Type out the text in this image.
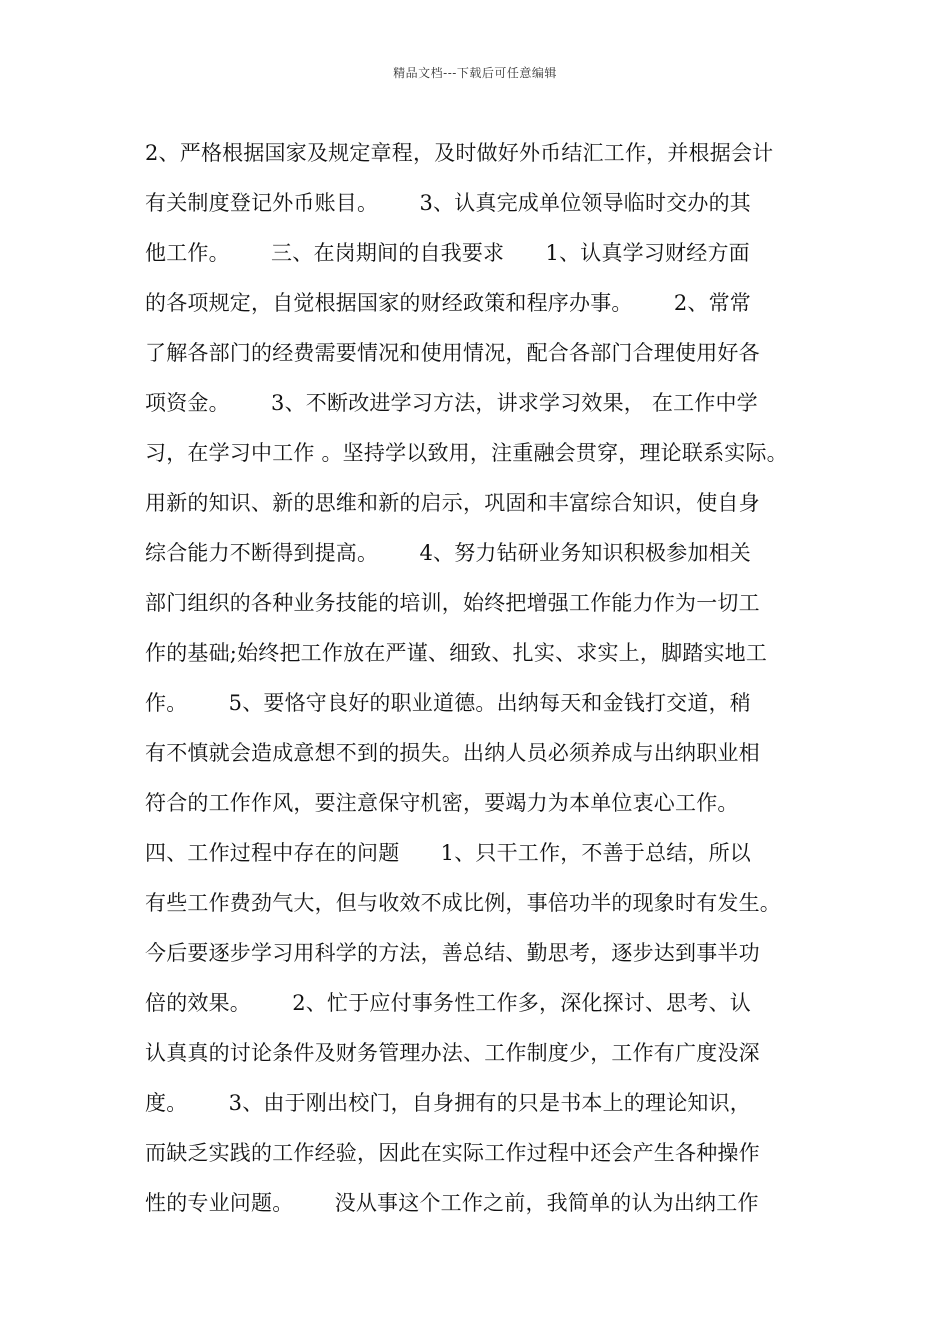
精品文档---下载后可任意编辑
2、严格根据国家及规定章程，及时做好外币结汇工作，并根据会计
有关制度登记外币账目。      3、认真完成单位领导临时交办的其
他工作。      三、在岗期间的自我要求      1、认真学习财经方面
的各项规定，自觉根据国家的财经政策和程序办事。      2、常常
了解各部门的经费需要情况和使用情况，配合各部门合理使用好各
项资金。      3、不断改进学习方法，讲求学习效果， 在工作中学
习，在学习中工作 。坚持学以致用，注重融会贯穿，理论联系实际。
用新的知识、新的思维和新的启示，巩固和丰富综合知识，使自身
综合能力不断得到提高。      4、努力钻研业务知识积极参加相关
部门组织的各种业务技能的培训，始终把增强工作能力作为一切工
作的基础;始终把工作放在严谨、细致、扎实、求实上，脚踏实地工
作。      5、要恪守良好的职业道德。出纳每天和金钱打交道，稍
有不慎就会造成意想不到的损失。出纳人员必须养成与出纳职业相
符合的工作作风，要注意保守机密，要竭力为本单位衷心工作。
四、工作过程中存在的问题      1、只干工作，不善于总结，所以
有些工作费劲气大，但与收效不成比例，事倍功半的现象时有发生。
今后要逐步学习用科学的方法，善总结、勤思考，逐步达到事半功
倍的效果。      2、忙于应付事务性工作多，深化探讨、思考、认
认真真的讨论条件及财务管理办法、工作制度少，工作有广度没深
度。      3、由于刚出校门，自身拥有的只是书本上的理论知识，
而缺乏实践的工作经验，因此在实际工作过程中还会产生各种操作
性的专业问题。      没从事这个工作之前，我简单的认为出纳工作
